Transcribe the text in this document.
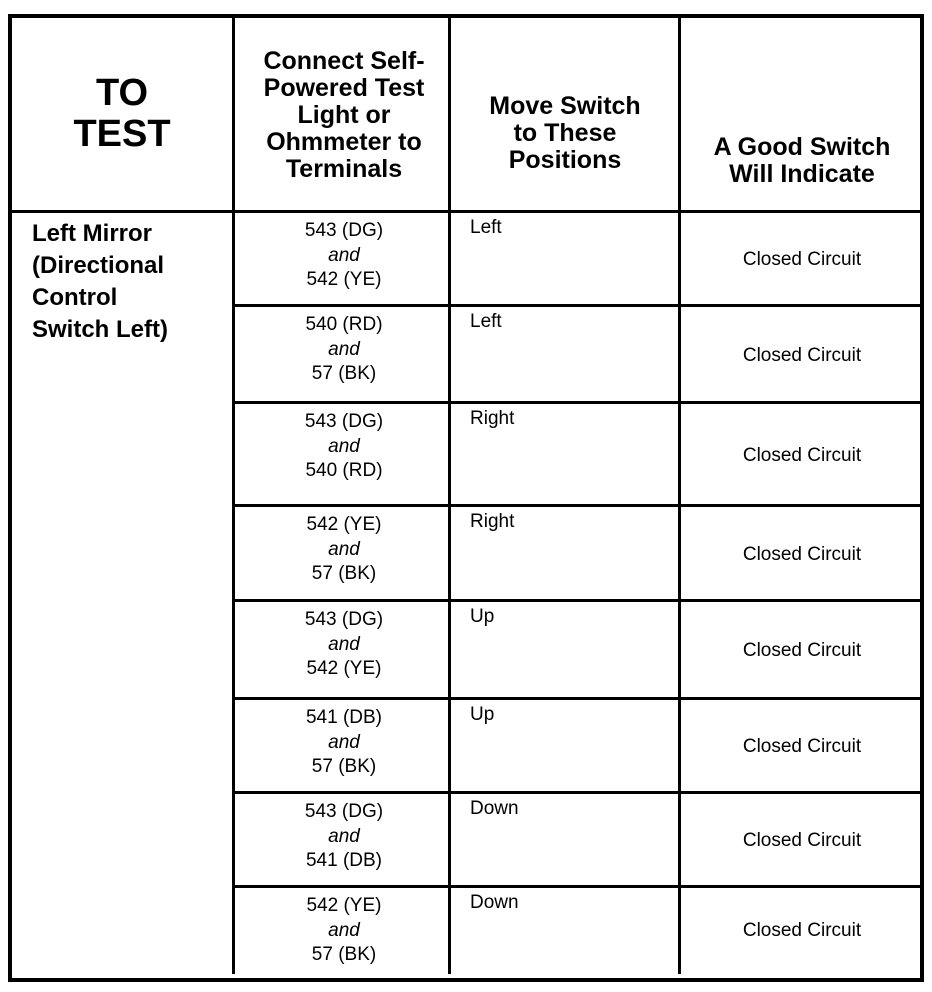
TO
TEST
Connect Self-
Powered Test
Light or
Ohmmeter to
Terminals
Move Switch
to These
Positions	A Good Switch
Will Indicate
Left Mirror
(Directional
Control
Switch Left)
543 (DG)
and
542 (YE)
Left
Closed Circuit
540 (RD)
and
57 (BK)
Left
Closed Circuit
543 (DG)
and
540 (RD)
Right
Closed Circuit
542 (YE)
and
57 (BK)
Right
Closed Circuit
543 (DG)
and
542 (YE)
Up
Closed Circuit
541 (DB)
and
57 (BK)
Up
Closed Circuit
543 (DG)
and
541 (DB)
Down
Closed Circuit
542 (YE)
and
57 (BK)
Down
Closed Circuit
